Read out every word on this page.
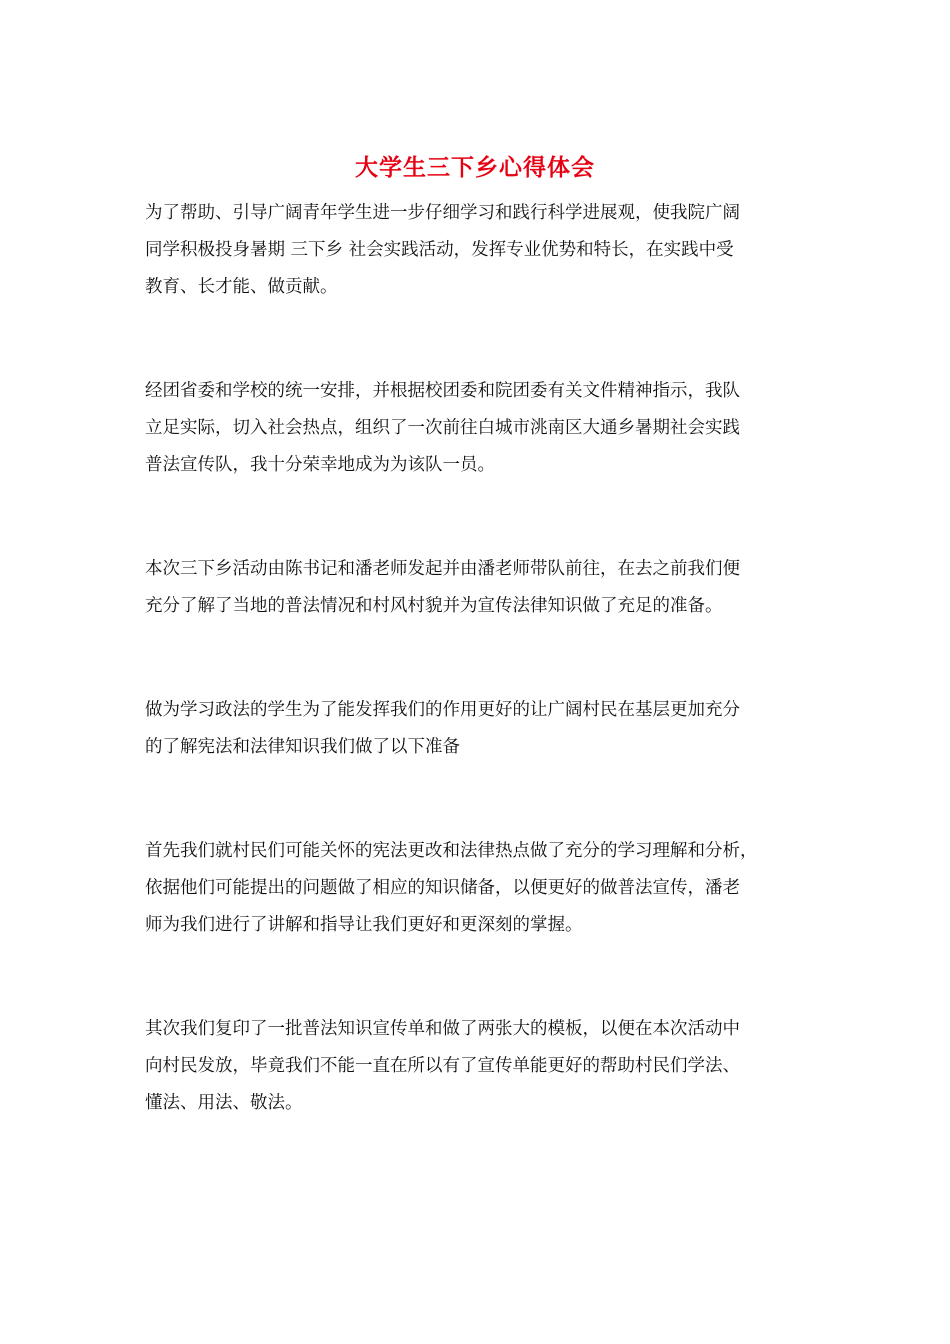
大学生三下乡心得体会

为了帮助、引导广阔青年学生进一步仔细学习和践行科学进展观，使我院广阔
同学积极投身暑期 三下乡 社会实践活动，发挥专业优势和特长，在实践中受
教育、长才能、做贡献。

经团省委和学校的统一安排，并根据校团委和院团委有关文件精神指示，我队
立足实际，切入社会热点，组织了一次前往白城市洮南区大通乡暑期社会实践
普法宣传队，我十分荣幸地成为为该队一员。

本次三下乡活动由陈书记和潘老师发起并由潘老师带队前往，在去之前我们便
充分了解了当地的普法情况和村风村貌并为宣传法律知识做了充足的准备。

做为学习政法的学生为了能发挥我们的作用更好的让广阔村民在基层更加充分
的了解宪法和法律知识我们做了以下准备

首先我们就村民们可能关怀的宪法更改和法律热点做了充分的学习理解和分析，
依据他们可能提出的问题做了相应的知识储备，以便更好的做普法宣传，潘老
师为我们进行了讲解和指导让我们更好和更深刻的掌握。

其次我们复印了一批普法知识宣传单和做了两张大的模板，以便在本次活动中
向村民发放，毕竟我们不能一直在所以有了宣传单能更好的帮助村民们学法、
懂法、用法、敬法。
